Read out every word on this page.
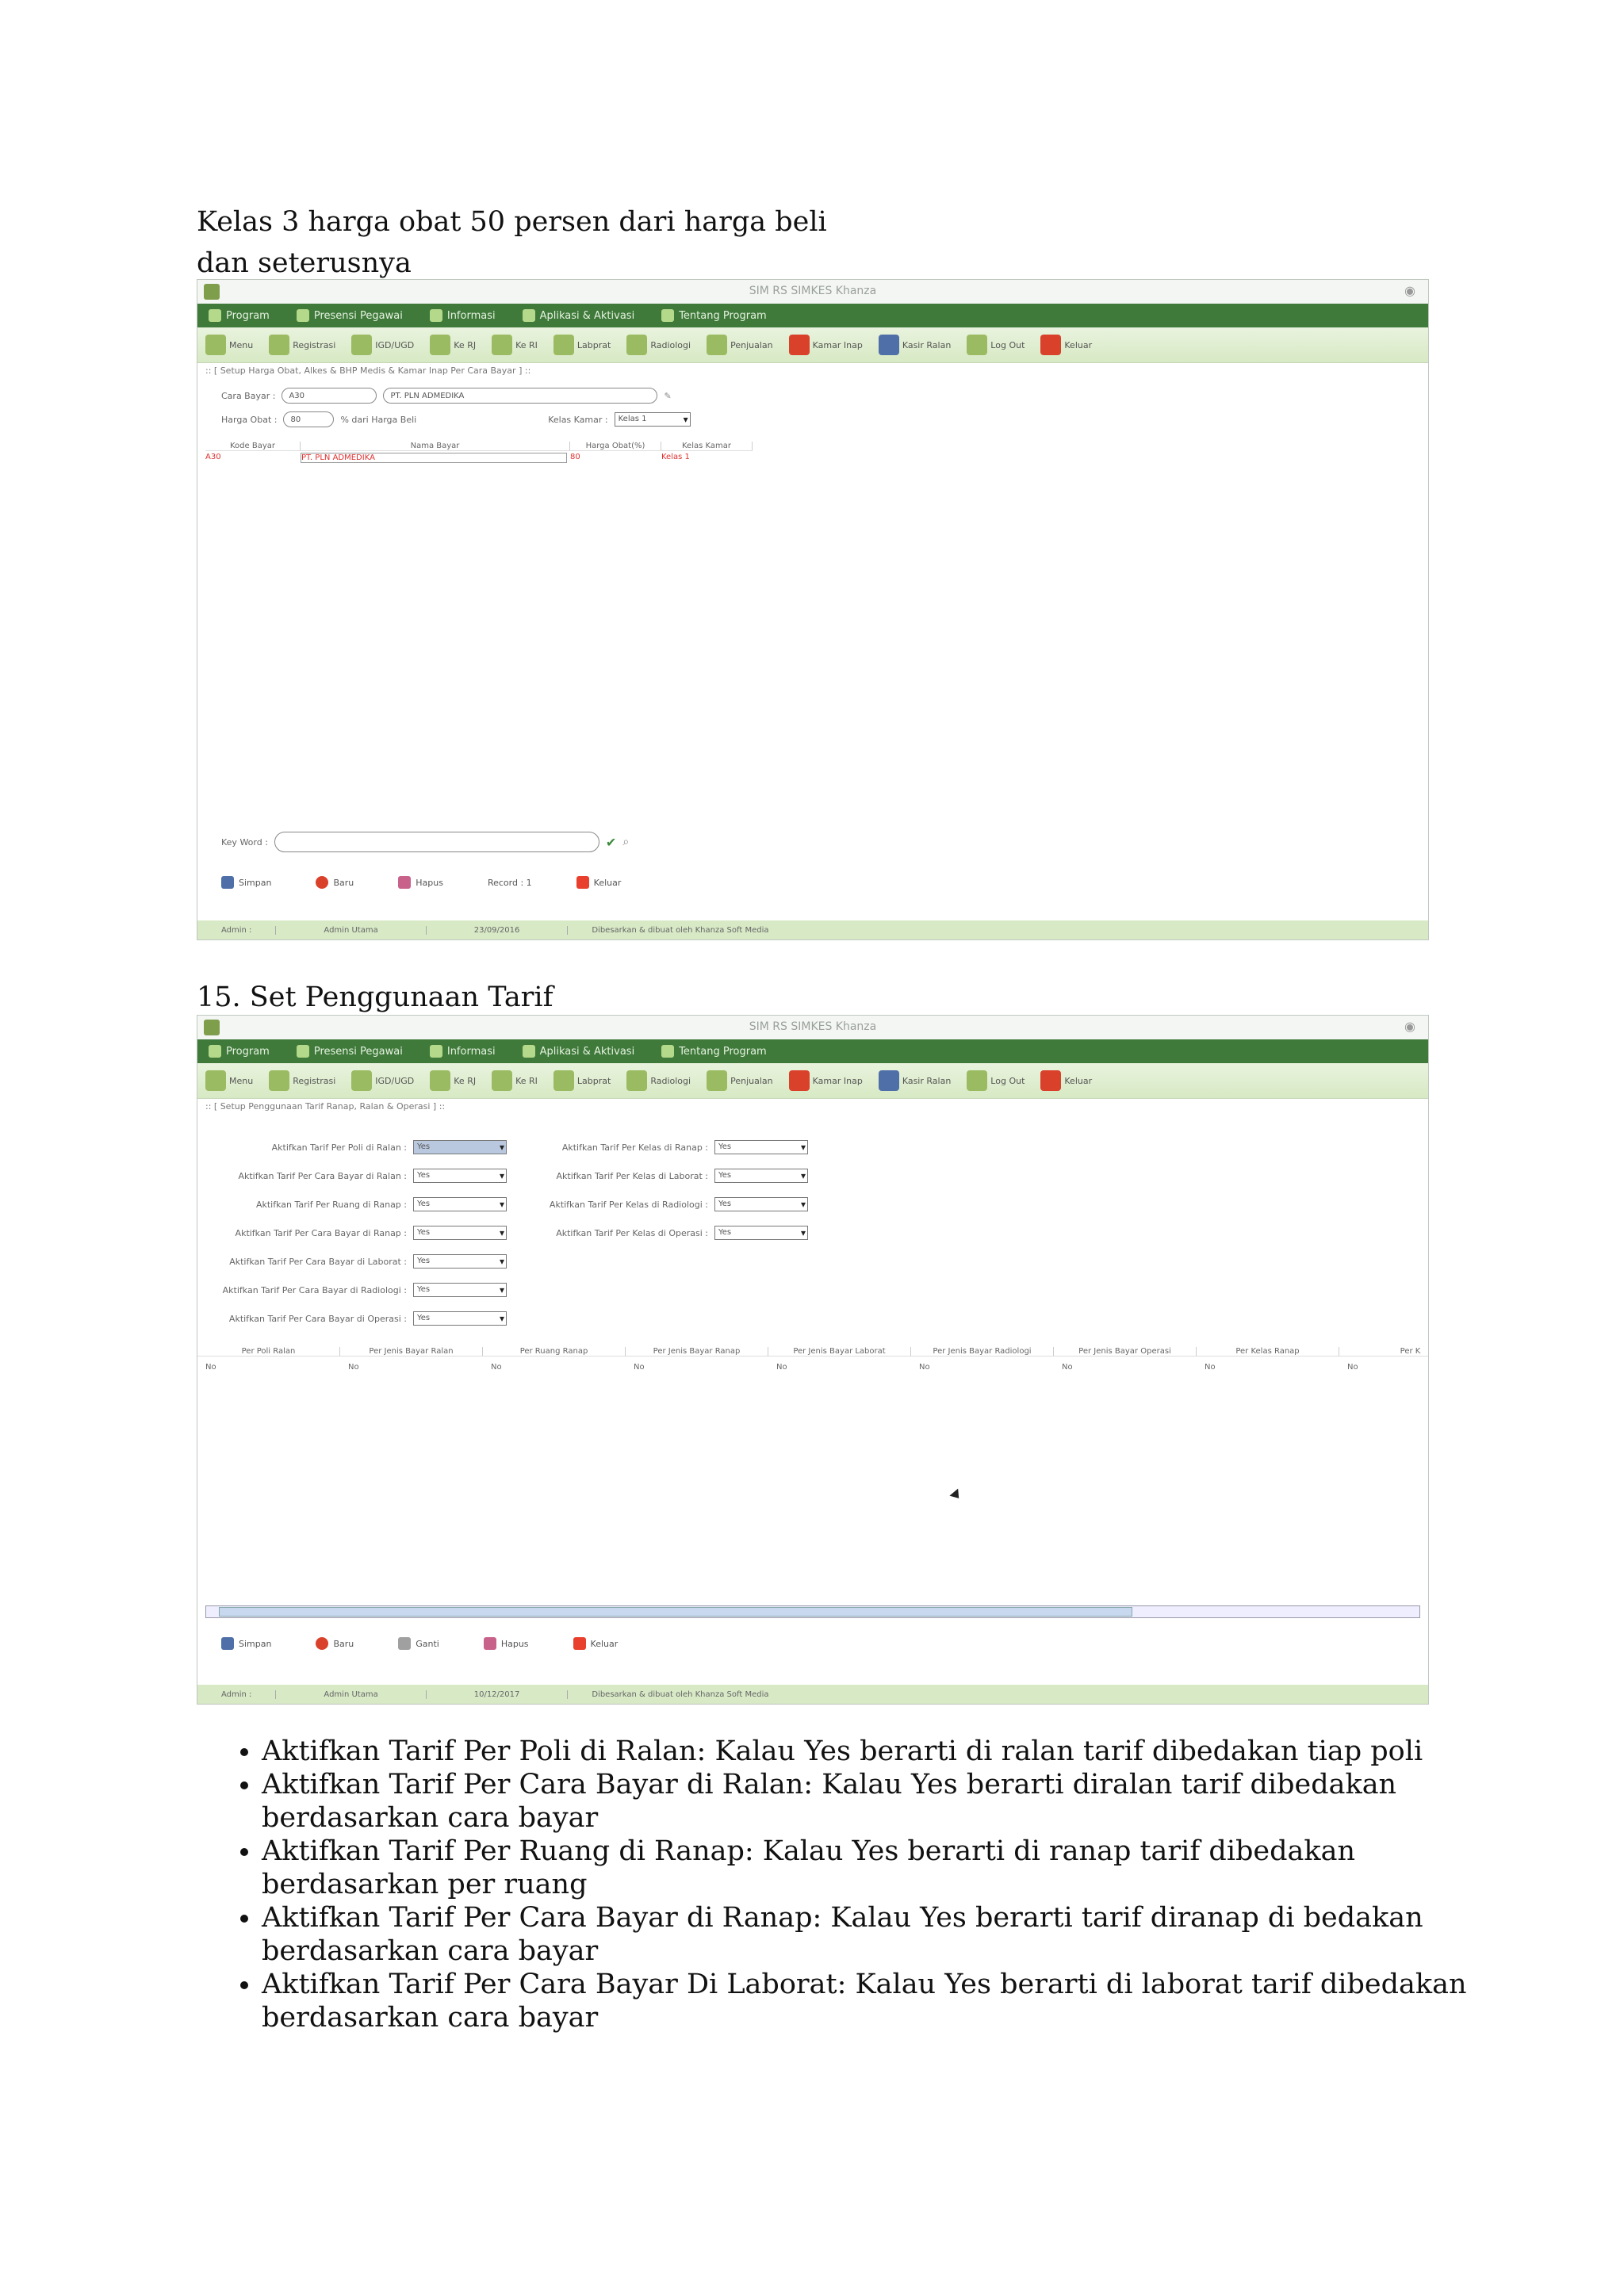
Kelas 3 harga obat 50 persen dari harga beli

dan seterusnya

SIM RS SIMKES Khanza	◉
Program	Presensi Pegawai	Informasi	Aplikasi & Aktivasi	Tentang Program
Menu	Registrasi	IGD/UGD	Ke RJ	Ke RI	Labprat	Radiologi	Penjualan	Kamar Inap	Kasir Ralan	Log Out	Keluar
:: [ Setup Harga Obat, Alkes & BHP Medis & Kamar Inap Per Cara Bayar ] ::
Cara Bayar :	A30	PT. PLN ADMEDIKA	✎
Harga Obat :	80	% dari Harga Beli	Kelas Kamar :	Kelas 1 ▾
Kode Bayar	Nama Bayar	Harga Obat(%)	Kelas Kamar
A30	PT. PLN ADMEDIKA	80	Kelas 1
Key Word :	✔ ⌕
Simpan	Baru	Hapus	Record : 1	Keluar
Admin :	Admin Utama	23/09/2016	Dibesarkan & dibuat oleh Khanza Soft Media

15. Set Penggunaan Tarif

SIM RS SIMKES Khanza	◉
Program	Presensi Pegawai	Informasi	Aplikasi & Aktivasi	Tentang Program
Menu	Registrasi	IGD/UGD	Ke RJ	Ke RI	Labprat	Radiologi	Penjualan	Kamar Inap	Kasir Ralan	Log Out	Keluar
:: [ Setup Penggunaan Tarif Ranap, Ralan & Operasi ] ::
Aktifkan Tarif Per Poli di Ralan :	Yes ▾
Aktifkan Tarif Per Cara Bayar di Ralan :	Yes ▾
Aktifkan Tarif Per Ruang di Ranap :	Yes ▾
Aktifkan Tarif Per Cara Bayar di Ranap :	Yes ▾
Aktifkan Tarif Per Cara Bayar di Laborat :	Yes ▾
Aktifkan Tarif Per Cara Bayar di Radiologi :	Yes ▾
Aktifkan Tarif Per Cara Bayar di Operasi :	Yes ▾
Aktifkan Tarif Per Kelas di Ranap :	Yes ▾
Aktifkan Tarif Per Kelas di Laborat :	Yes ▾
Aktifkan Tarif Per Kelas di Radiologi :	Yes ▾
Aktifkan Tarif Per Kelas di Operasi :	Yes ▾
Per Poli Ralan	Per Jenis Bayar Ralan	Per Ruang Ranap	Per Jenis Bayar Ranap	Per Jenis Bayar Laborat	Per Jenis Bayar Radiologi	Per Jenis Bayar Operasi	Per Kelas Ranap	Per K
No	No	No	No	No	No	No	No	No
Simpan	Baru	Ganti	Hapus	Keluar
Admin :	Admin Utama	10/12/2017	Dibesarkan & dibuat oleh Khanza Soft Media
• Aktifkan Tarif Per Poli di Ralan: Kalau Yes berarti di ralan tarif dibedakan tiap poli
• Aktifkan Tarif Per Cara Bayar di Ralan: Kalau Yes berarti diralan tarif dibedakan berdasarkan cara bayar
• Aktifkan Tarif Per Ruang di Ranap: Kalau Yes berarti di ranap tarif dibedakan berdasarkan per ruang
• Aktifkan Tarif Per Cara Bayar di Ranap: Kalau Yes berarti tarif diranap di bedakan berdasarkan cara bayar
• Aktifkan Tarif Per Cara Bayar Di Laborat: Kalau Yes berarti di laborat tarif dibedakan berdasarkan cara bayar
